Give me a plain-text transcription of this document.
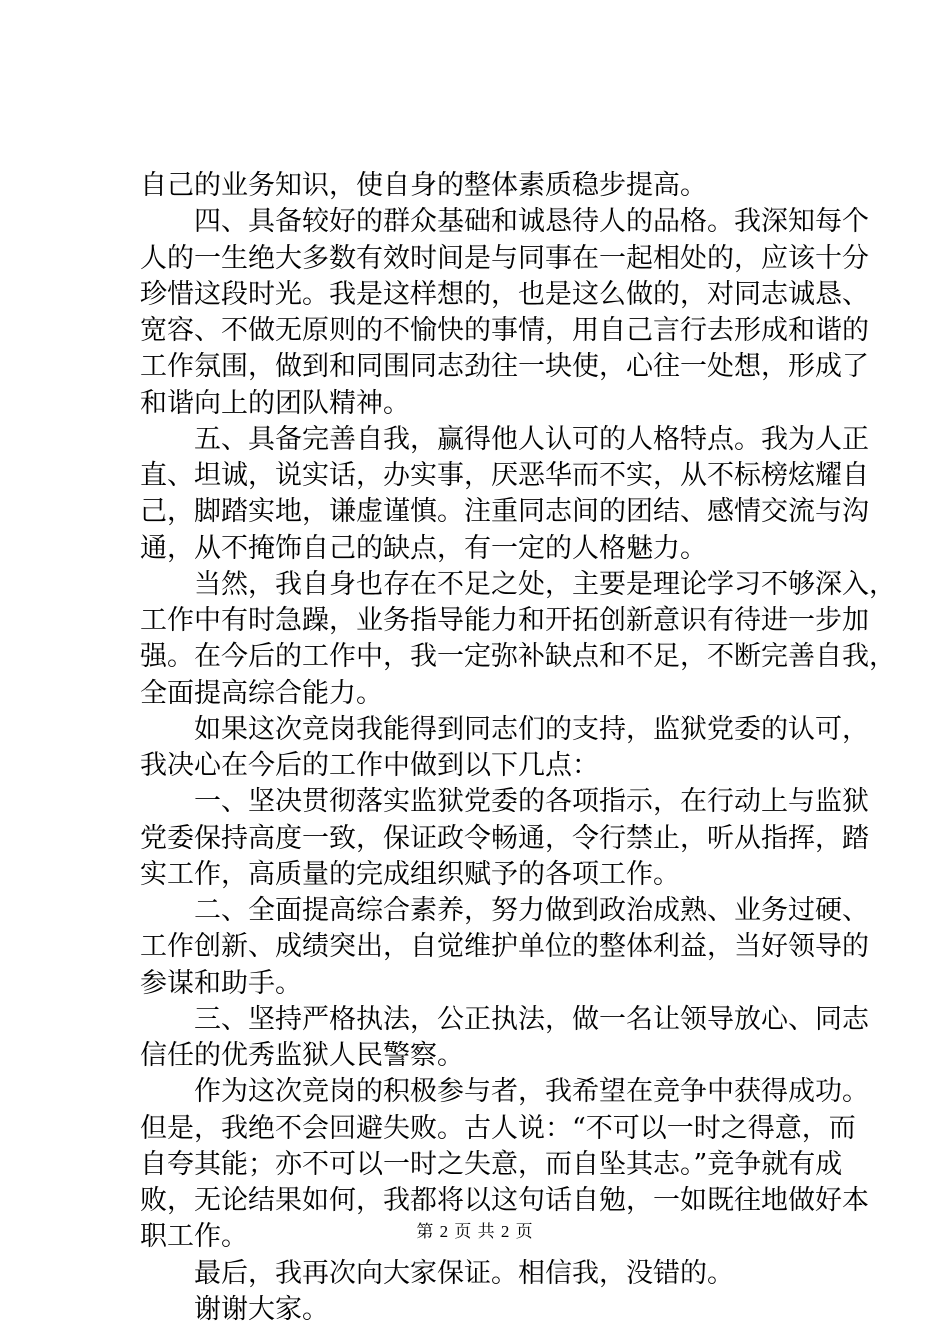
自己的业务知识，使自身的整体素质稳步提高。
　　四、具备较好的群众基础和诚恳待人的品格。我深知每个
人的一生绝大多数有效时间是与同事在一起相处的，应该十分
珍惜这段时光。我是这样想的，也是这么做的，对同志诚恳、
宽容、不做无原则的不愉快的事情，用自己言行去形成和谐的
工作氛围，做到和同围同志劲往一块使，心往一处想，形成了
和谐向上的团队精神。
　　五、具备完善自我，赢得他人认可的人格特点。我为人正
直、坦诚，说实话，办实事，厌恶华而不实，从不标榜炫耀自
己，脚踏实地，谦虚谨慎。注重同志间的团结、感情交流与沟
通，从不掩饰自己的缺点，有一定的人格魅力。
　　当然，我自身也存在不足之处，主要是理论学习不够深入，
工作中有时急躁，业务指导能力和开拓创新意识有待进一步加
强。在今后的工作中，我一定弥补缺点和不足，不断完善自我，
全面提高综合能力。
　　如果这次竞岗我能得到同志们的支持，监狱党委的认可，
我决心在今后的工作中做到以下几点：
　　一、坚决贯彻落实监狱党委的各项指示，在行动上与监狱
党委保持高度一致，保证政令畅通，令行禁止，听从指挥，踏
实工作，高质量的完成组织赋予的各项工作。
　　二、全面提高综合素养，努力做到政治成熟、业务过硬、
工作创新、成绩突出，自觉维护单位的整体利益，当好领导的
参谋和助手。
　　三、坚持严格执法，公正执法，做一名让领导放心、同志
信任的优秀监狱人民警察。
　　作为这次竞岗的积极参与者，我希望在竞争中获得成功。
但是，我绝不会回避失败。古人说：“不可以一时之得意，而
自夸其能；亦不可以一时之失意，而自坠其志。”竞争就有成
败，无论结果如何，我都将以这句话自勉，一如既往地做好本
职工作。
　　最后，我再次向大家保证。相信我，没错的。
　　谢谢大家。
第 2 页 共 2 页
